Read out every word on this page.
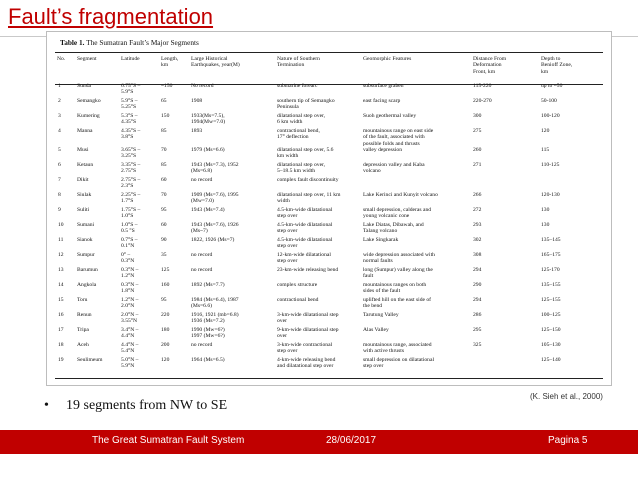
Fault’s fragmentation
Table 1. The Sumatran Fault’s Major Segments
No.	Segment	Latitude	Length,
km	Large Historical
Earthquakes, year(M)	Nature of Southern
Termination	Geomorphic Features	Distance From
Deformation
Front, km	Depth to
Benioff Zone,
km
1	Sunda	6.75°S –
5.9°S	~150	No record	submarine forearc	subsurface graben	115-220	up to ~50
2	Semangko	5.9°S –
5.25°S	65	1908	southern tip of Semangko
Peninsula	east facing scarp	220-270	50-100
3	Kumering	5.3°S –
4.35°S	150	1933(Ms=7.5),
1994(Mw=7.0)	dilatational step over,
6 km width	Suoh geothermal valley	300	100-120
4	Manna	4.35°S –
3.8°S	85	1893	contractional bend,
17° deflection	mountainous range on east side
of the fault, associated with
possible folds and thrusts	275	120
5	Musi	3.65°S –
3.25°S	70	1979 (Ms=6.6)	dilatational step over, 5.6
km width	valley depression	260	115
6	Ketaun	3.35°S –
2.75°S	85	1943 (Ms=7.3), 1952
(Ms=6.8)	dilatational step over,
5–18.5 km width	depression valley and Kaba
volcano	271	110-125
7	Dikit	2.75°S –
2.3°S	60	no record	complex fault discontinuity			
8	Siulak	2.25°S –
1.7°S	70	1909 (Ms=7.6), 1995
(Mw=7.0)	dilatational step over, 11 km
width	Lake Kerinci and Kunyit volcano	266	120-130
9	Suliti	1.75°S –
1.0°S	95	1943 (Ms=7.4)	4.5-km-wide dilatational
step over	small depression, calderas and
young volcanic cone	272	130
10	Sumani	1.0°S –
0.5 °S	60	1943 (Ms=7.6), 1926
(Ms~7)	4.5-km-wide dilatational
step over	Lake Diatas, Dibawah, and
Talang volcano	293	130
11	Sianok	0.7°S –
0.1°N	90	1822, 1926 (Ms=7)	4.5-km-wide dilatational
step over	Lake Singkarak	302	135–145
12	Sumpur	0° –
0.3°N	35	no record	12-km-wide dilatational
step over	wide depression associated with
normal faults	308	165–175
13	Barumun	0.3°N –
1.2°N	125	no record	23-km-wide releasing bend	long (Sumpur) valley along the
fault	294	125-170
14	Angkola	0.3°N –
1.8°N	160	1892 (Ms=7.7)	complex structure	mountainous ranges on both
sides of the fault	290	135–155
15	Toru	1.2°N –
2.0°N	95	1984 (Ms=6.4), 1987
(Ms=6.6)	contractional bend	uplifted hill on the east side of
the bend	294	125–155
16	Renun	2.0°N –
3.55°N	220	1916, 1921 (mb=6.8)
1936 (Ms=7.2)	3-km-wide dilatational step
over	Tarutung Valley	286	100–125
17	Tripa	3.4°N –
4.4°N	180	1990 (Mw=6?)
1997 (Mw=6?)	9-km-wide dilatational step
over	Alas Valley	295	125–150
18	Aceh	4.4°N –
5.4°N	200	no record	3-km-wide contractional
step over	mountainous range, associated
with active thrusts	325	105–130
19	Seulimeum	5.0°N –
5.9°N	120	1964 (Ms=6.5)	4-km-wide releasing bend
and dilatational step over	small depression on dilatational
step over		125–140
(K. Sieh et al., 2000)
• 19 segments from NW to SE
The Great Sumatran Fault System	28/06/2017	Pagina 5
